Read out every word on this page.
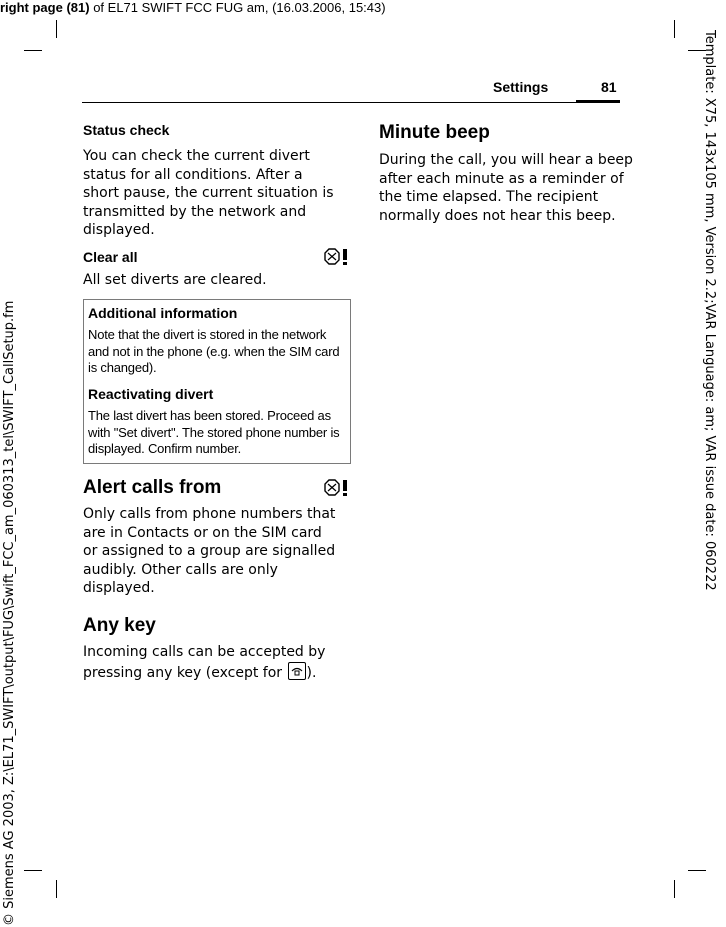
right page (81) of EL71 SWIFT FCC FUG am, (16.03.2006, 15:43)
Template: X75, 143x105 mm, Version 2.2;VAR Language: am; VAR issue date: 060222
© Siemens AG 2003, Z:\EL71_SWIFT\output\FUG\Swift_FCC_am_060313_tel\SWIFT_CallSetup.fm
Settings	81
Status check
You can check the current divert status for all conditions. After a short pause, the current situation is transmitted by the network and displayed.
Clear all
All set diverts are cleared.
Additional information
Note that the divert is stored in the network and not in the phone (e.g. when the SIM card is changed).
Reactivating divert
The last divert has been stored. Proceed as with "Set divert". The stored phone number is displayed. Confirm number.
Alert calls from
Only calls from phone numbers that are in Contacts or on the SIM card or assigned to a group are signalled audibly. Other calls are only displayed.
Any key
Incoming calls can be accepted by pressing any key (except for
).
Minute beep
During the call, you will hear a beep after each minute as a reminder of the time elapsed. The recipient normally does not hear this beep.
